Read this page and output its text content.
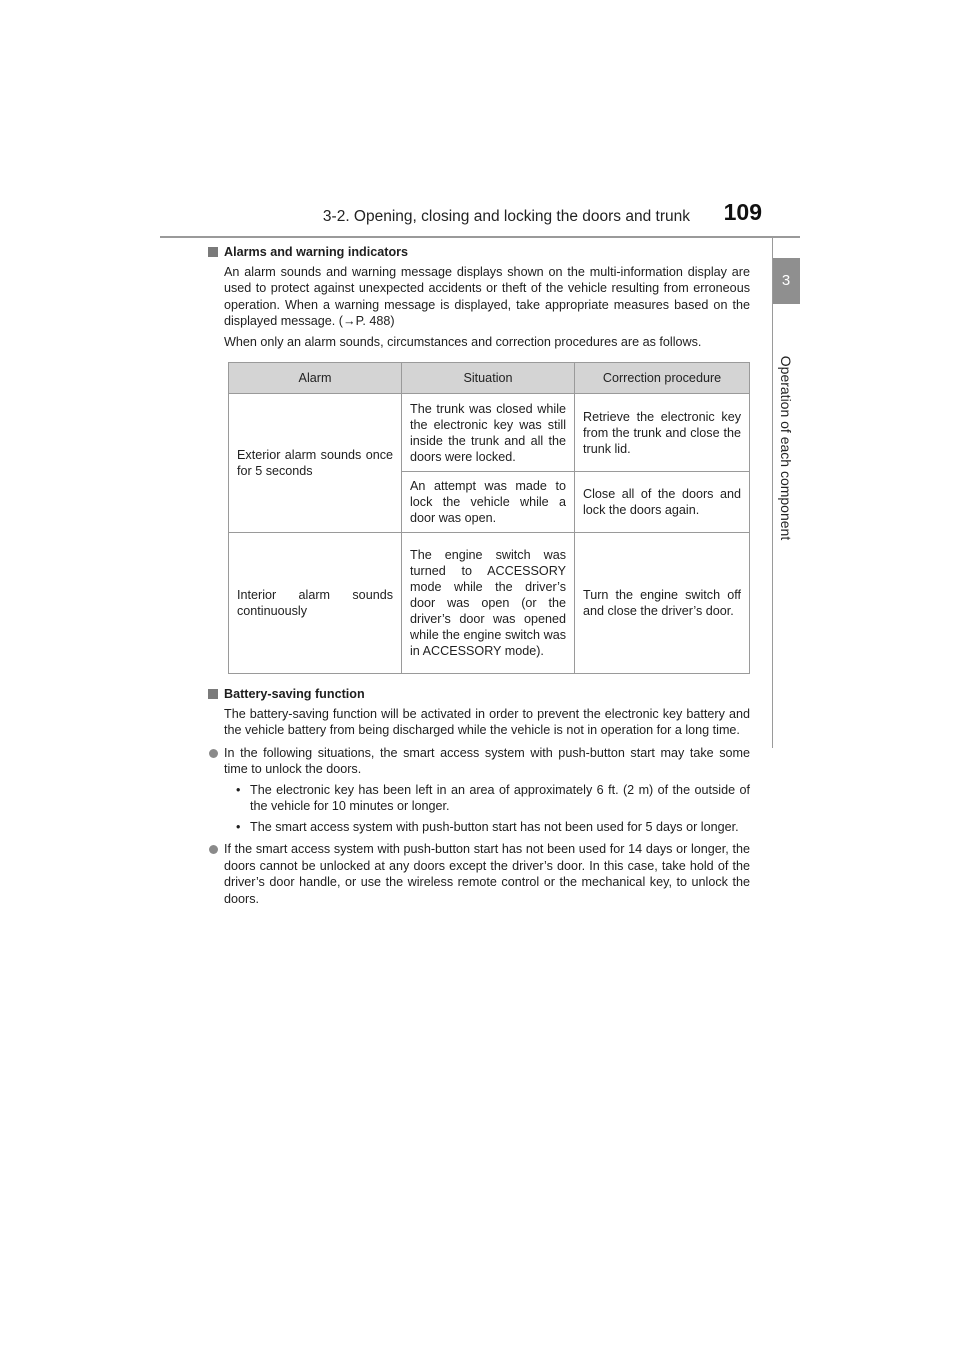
3-2. Opening, closing and locking the doors and trunk 109
3
Operation of each component
Alarms and warning indicators

An alarm sounds and warning message displays shown on the multi-information display are used to protect against unexpected accidents or theft of the vehicle resulting from erroneous operation. When a warning message is displayed, take appropriate measures based on the displayed message. (→P. 488)

When only an alarm sounds, circumstances and correction procedures are as follows.

Alarm	Situation	Correction procedure
Exterior alarm sounds once for 5 seconds	The trunk was closed while the electronic key was still inside the trunk and all the doors were locked.	Retrieve the electronic key from the trunk and close the trunk lid.
	An attempt was made to lock the vehicle while a door was open.	Close all of the doors and lock the doors again.
Interior alarm sounds continuously	The engine switch was turned to ACCESSORY mode while the driver’s door was open (or the driver’s door was opened while the engine switch was in ACCESSORY mode).	Turn the engine switch off and close the driver’s door.
Battery-saving function

The battery-saving function will be activated in order to prevent the electronic key battery and the vehicle battery from being discharged while the vehicle is not in operation for a long time.

In the following situations, the smart access system with push-button start may take some time to unlock the doors.
• The electronic key has been left in an area of approximately 6 ft. (2 m) of the outside of the vehicle for 10 minutes or longer.
• The smart access system with push-button start has not been used for 5 days or longer.
If the smart access system with push-button start has not been used for 14 days or longer, the doors cannot be unlocked at any doors except the driver’s door. In this case, take hold of the driver’s door handle, or use the wireless remote control or the mechanical key, to unlock the doors.
